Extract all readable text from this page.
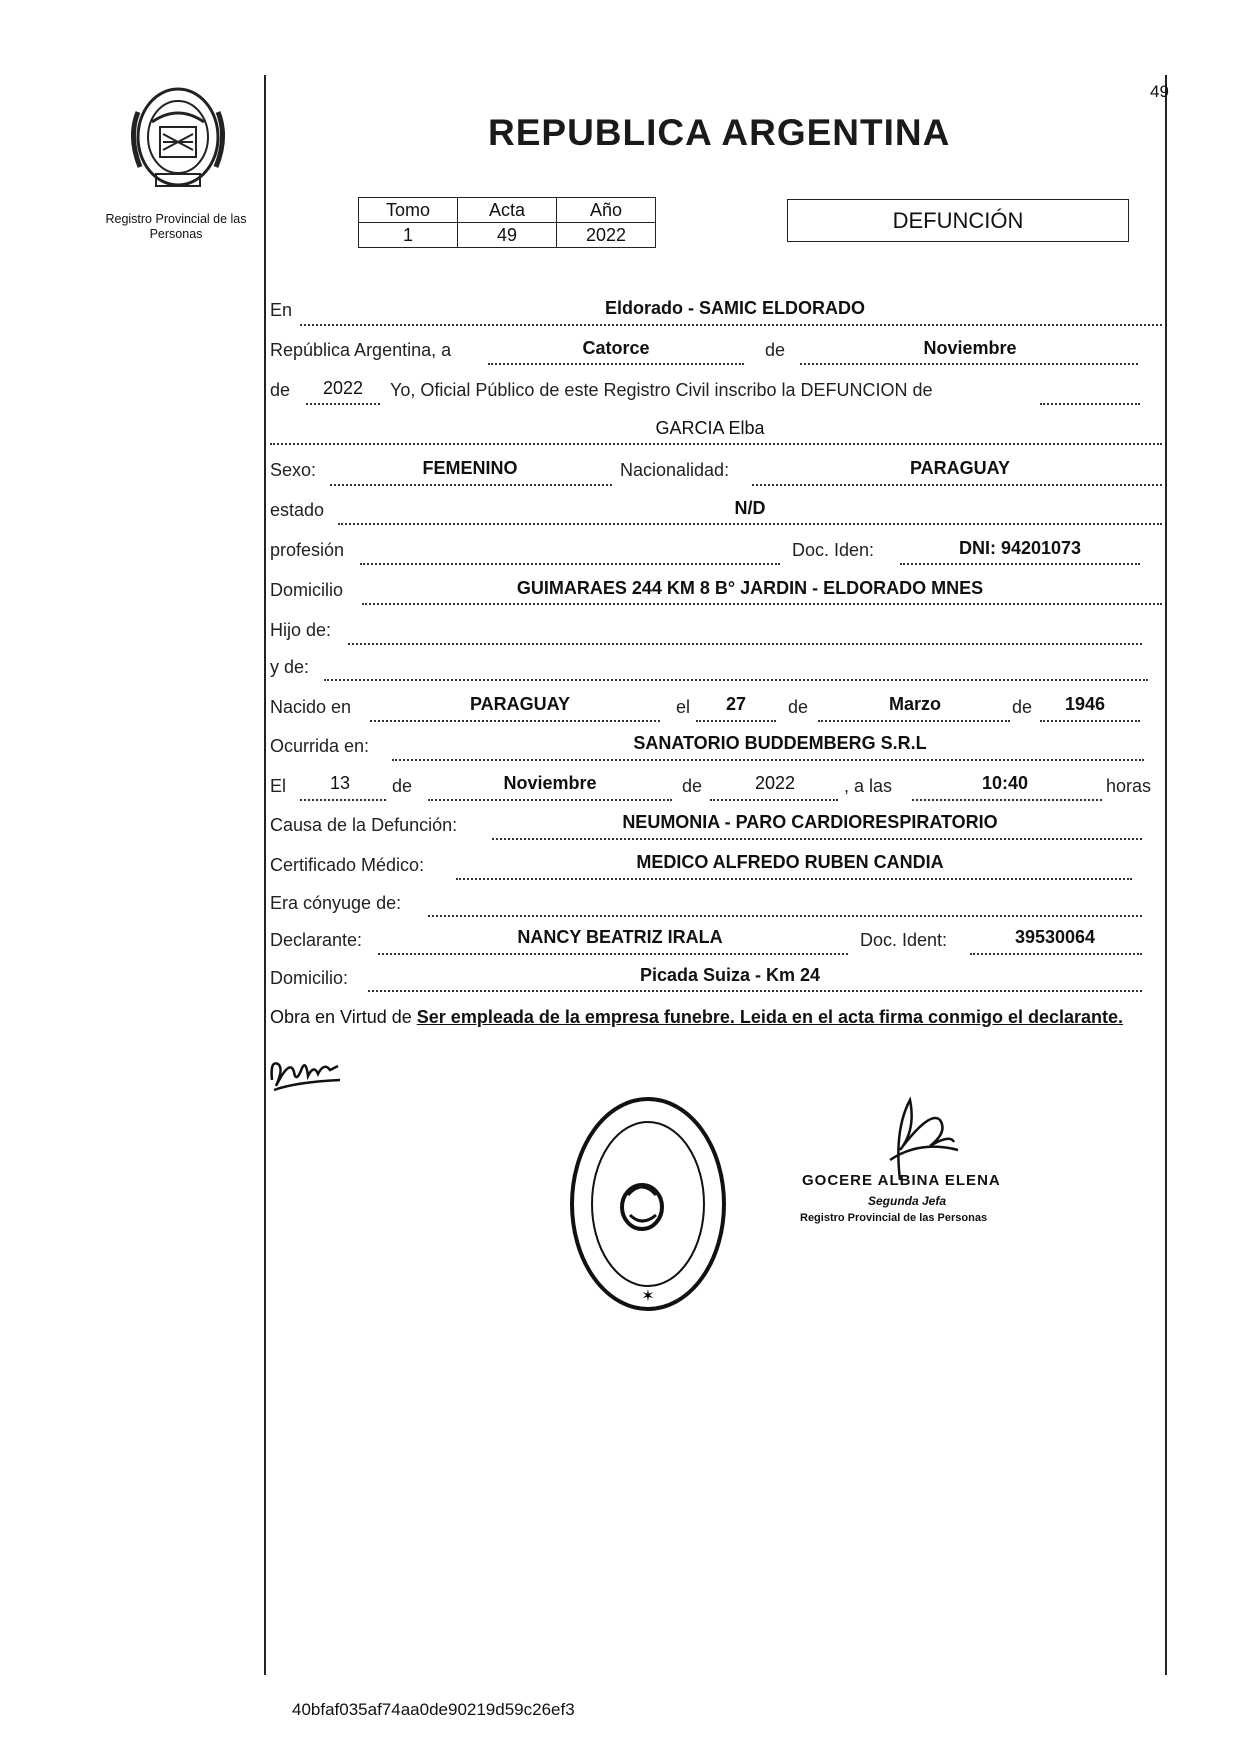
Registro Provincial de las Personas
49
REPUBLICA ARGENTINA
Tomo	Acta	Año
1	49	2022
DEFUNCIÓN
En	Eldorado - SAMIC ELDORADO
República Argentina, a	Catorce	de	Noviembre
de	2022	Yo, Oficial Público de este Registro Civil inscribo la DEFUNCION de
GARCIA Elba
Sexo:	FEMENINO	Nacionalidad:	PARAGUAY
estado	N/D
profesión	Doc. Iden:	DNI: 94201073
Domicilio	GUIMARAES 244 KM 8 B° JARDIN - ELDORADO MNES
Hijo de:
y de:
Nacido en	PARAGUAY	el	27	de	Marzo	de	1946
Ocurrida en:	SANATORIO BUDDEMBERG S.R.L
El	13	de	Noviembre	de	2022	, a las	10:40	horas
Causa de la Defunción:	NEUMONIA - PARO CARDIORESPIRATORIO
Certificado Médico:	MEDICO ALFREDO RUBEN CANDIA
Era cónyuge de:
Declarante:	NANCY BEATRIZ IRALA	Doc. Ident:	39530064
Domicilio:	Picada Suiza - Km 24
Obra en Virtud de Ser empleada de la empresa funebre. Leida en el acta firma conmigo el declarante.
✶
GOCERE ALBINA ELENA
Segunda Jefa
Registro Provincial de las Personas
40bfaf035af74aa0de90219d59c26ef3
